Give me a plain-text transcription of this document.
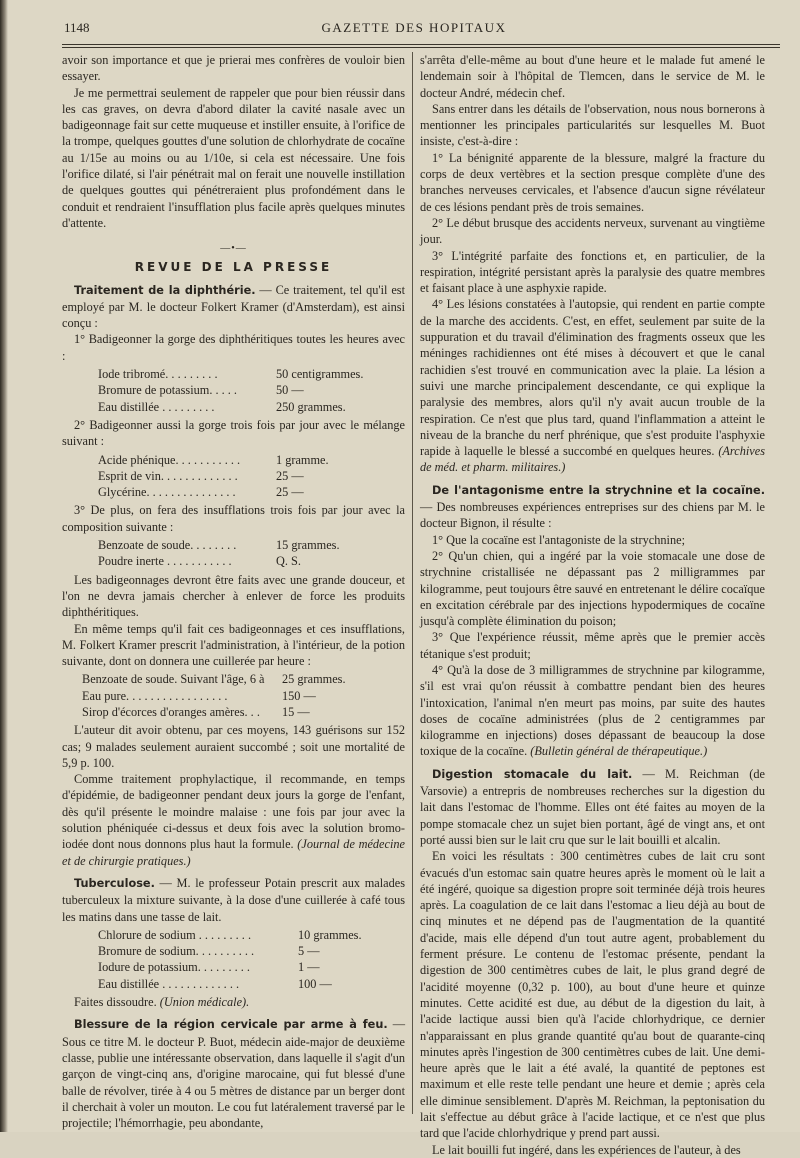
1148	GAZETTE DES HOPITAUX

avoir son importance et que je prierai mes confrères de vouloir bien essayer.

Je me permettrai seulement de rappeler que pour bien réussir dans les cas graves, on devra d'abord dilater la cavité nasale avec un badigeonnage fait sur cette muqueuse et instiller ensuite, à l'orifice de la trompe, quelques gouttes d'une solution de chlorhydrate de cocaïne au 1/15e au moins ou au 1/10e, si cela est nécessaire. Une fois l'orifice dilaté, si l'air pénétrait mal on ferait une nouvelle instillation de quelques gouttes qui pénétreraient plus profondément dans le conduit et rendraient l'insufflation plus facile après quelques minutes d'attente.

—•—
REVUE DE LA PRESSE

Traitement de la diphthérie. — Ce traitement, tel qu'il est employé par M. le docteur Folkert Kramer (d'Amsterdam), est ainsi conçu :

1° Badigeonner la gorge des diphthéritiques toutes les heures avec :

Iode tribromé. . . . . . . . .	50 centigrammes.
Bromure de potassium. . . . .	50 —
Eau distillée . . . . . . . . .	250 grammes.

2° Badigeonner aussi la gorge trois fois par jour avec le mélange suivant :

Acide phénique. . . . . . . . . . .	1 gramme.
Esprit de vin. . . . . . . . . . . . .	25 —
Glycérine. . . . . . . . . . . . . . .	25 —

3° De plus, on fera des insufflations trois fois par jour avec la composition suivante :

Benzoate de soude. . . . . . . .	15 grammes.
Poudre inerte . . . . . . . . . . .	Q. S.

Les badigeonnages devront être faits avec une grande douceur, et l'on ne devra jamais chercher à enlever de force les produits diphthéritiques.

En même temps qu'il fait ces badigeonnages et ces insufflations, M. Folkert Kramer prescrit l'administration, à l'intérieur, de la potion suivante, dont on donnera une cuillerée par heure :

Benzoate de soude. Suivant l'âge, 6 à	25 grammes.
Eau pure. . . . . . . . . . . . . . . . .	150 —
Sirop d'écorces d'oranges amères. . .	15 —

L'auteur dit avoir obtenu, par ces moyens, 143 guérisons sur 152 cas; 9 malades seulement auraient succombé ; soit une mortalité de 5,9 p. 100.

Comme traitement prophylactique, il recommande, en temps d'épidémie, de badigeonner pendant deux jours la gorge de l'enfant, dès qu'il présente le moindre malaise : une fois par jour avec la solution phéniquée ci-dessus et deux fois avec la solution bromo-iodée dont nous donnons plus haut la formule. (Journal de médecine et de chirurgie pratiques.)

Tuberculose. — M. le professeur Potain prescrit aux malades tuberculeux la mixture suivante, à la dose d'une cuillerée à café tous les matins dans une tasse de lait.

Chlorure de sodium . . . . . . . . .	10 grammes.
Bromure de sodium. . . . . . . . . .	5 —
Iodure de potassium. . . . . . . . .	1 —
Eau distillée . . . . . . . . . . . . .	100 —

Faites dissoudre. (Union médicale).

Blessure de la région cervicale par arme à feu. — Sous ce titre M. le docteur P. Buot, médecin aide-major de deuxième classe, publie une intéressante observation, dans laquelle il s'agit d'un garçon de vingt-cinq ans, d'origine marocaine, qui fut blessé d'une balle de révolver, tirée à 4 ou 5 mètres de distance par un berger dont il cherchait à voler un mouton. Le cou fut latéralement traversé par le projectile; l'hémorrhagie, peu abondante,

s'arrêta d'elle-même au bout d'une heure et le malade fut amené le lendemain soir à l'hôpital de Tlemcen, dans le service de M. le docteur André, médecin chef.

Sans entrer dans les détails de l'observation, nous nous bornerons à mentionner les principales particularités sur lesquelles M. Buot insiste, c'est-à-dire :

1° La bénignité apparente de la blessure, malgré la fracture du corps de deux vertèbres et la section presque complète d'une des branches nerveuses cervicales, et l'absence d'aucun signe révélateur de ces lésions pendant près de trois semaines.

2° Le début brusque des accidents nerveux, survenant au vingtième jour.

3° L'intégrité parfaite des fonctions et, en particulier, de la respiration, intégrité persistant après la paralysie des quatre membres et faisant place à une asphyxie rapide.

4° Les lésions constatées à l'autopsie, qui rendent en partie compte de la marche des accidents. C'est, en effet, seulement par suite de la suppuration et du travail d'élimination des fragments osseux que les méninges rachidiennes ont été mises à découvert et que le canal rachidien s'est trouvé en communication avec la plaie. La lésion a suivi une marche principalement descendante, ce qui explique la paralysie des membres, alors qu'il n'y avait aucun trouble de la respiration. Ce n'est que plus tard, quand l'inflammation a atteint le niveau de la branche du nerf phrénique, que s'est produite l'asphyxie rapide à laquelle le blessé a succombé en quelques heures. (Archives de méd. et pharm. militaires.)

De l'antagonisme entre la strychnine et la cocaïne. — Des nombreuses expériences entreprises sur des chiens par M. le docteur Bignon, il résulte :

1° Que la cocaïne est l'antagoniste de la strychnine;

2° Qu'un chien, qui a ingéré par la voie stomacale une dose de strychnine cristallisée ne dépassant pas 2 milligrammes par kilogramme, peut toujours être sauvé en entretenant le délire cocaïque en excitation cérébrale par des injections hypodermiques de cocaïne jusqu'à complète élimination du poison;

3° Que l'expérience réussit, même après que le premier accès tétanique s'est produit;

4° Qu'à la dose de 3 milligrammes de strychnine par kilogramme, s'il est vrai qu'on réussit à combattre pendant bien des heures l'intoxication, l'animal n'en meurt pas moins, par suite des hautes doses de cocaïne administrées (plus de 2 centigrammes par kilogramme en injections) doses dépassant de beaucoup la dose toxique de la cocaïne. (Bulletin général de thérapeutique.)

Digestion stomacale du lait. — M. Reichman (de Varsovie) a entrepris de nombreuses recherches sur la digestion du lait dans l'estomac de l'homme. Elles ont été faites au moyen de la pompe stomacale chez un sujet bien portant, âgé de vingt ans, et ont porté aussi bien sur le lait cru que sur le lait bouilli et alcalin.

En voici les résultats : 300 centimètres cubes de lait cru sont évacués d'un estomac sain quatre heures après le moment où le lait a été ingéré, quoique sa digestion propre soit terminée déjà trois heures après. La coagulation de ce lait dans l'estomac a lieu déjà au bout de cinq minutes et ne dépend pas de l'augmentation de la quantité d'acide, mais elle dépend d'un tout autre agent, probablement du ferment présure. Le contenu de l'estomac présente, pendant la digestion de 300 centimètres cubes de lait, le plus grand degré de l'acidité moyenne (0,32 p. 100), au bout d'une heure et quinze minutes. Cette acidité est due, au début de la digestion du lait, à l'acide lactique aussi bien qu'à l'acide chlorhydrique, ce dernier n'apparaissant en plus grande quantité qu'au bout de quarante-cinq minutes après l'ingestion de 300 centimètres cubes de lait. Une demi-heure après que le lait a été avalé, la quantité de peptones est maximum et elle reste telle pendant une heure et demie ; après cela elle diminue sensiblement. D'après M. Reichman, la peptonisation du lait s'effectue au début grâce à l'acide lactique, et ce n'est que plus tard que l'acide chlorhydrique y prend part aussi.

Le lait bouilli fut ingéré, dans les expériences de l'auteur, à des
